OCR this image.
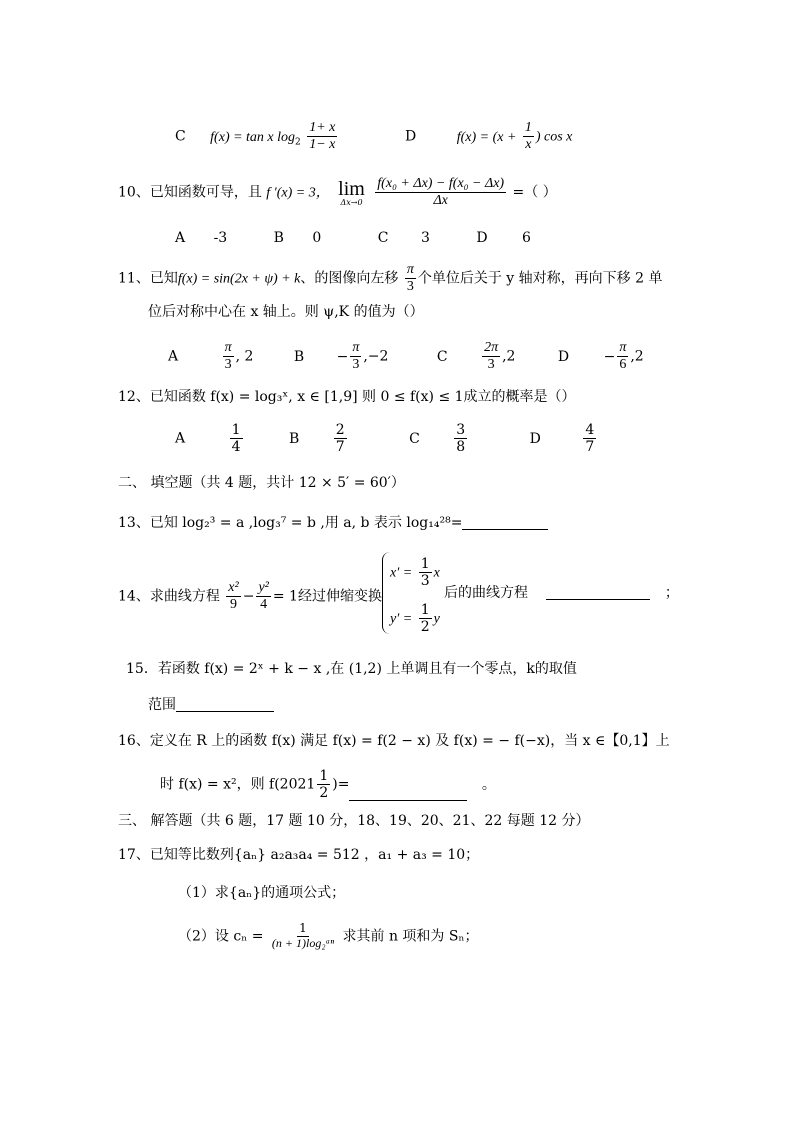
C f(x) = tan x $\log_2 \frac{1+ x}{1- x}$	D	$f(x) = (x + \frac{1}{x}$ ) cos x
10、已知函数可导，且 f ′(x) = 3， lim
Δx→0
$\frac{\text{f(x₀ + Δx) − f(x₀ − Δx)}}{\Delta x}$ =（ ）
A -3	B 0	C 3	D 6
11、已知f(x) = sin(2x + ψ) + k、的图像向左移 $\frac{\pi}{3}$ 个单位后关于 y 轴对称，再向下移 2 单
位后对称中心在 x 轴上。则 ψ,K 的值为（）
A	$\frac{\pi}{3}$ , 2	$B - \frac{\pi}{3} ,-2$	C $\frac{2\pi}{3} ,2$	$D - \frac{\pi}{6} ,2$
12、已知函数 f(x) = log₃ˣ, x ∈ [1,9] 则 0 ≤ f(x) ≤ 1成立的概率是（）
A	$\frac{1}{4}$	B $\frac{2}{7}$	C $\frac{3}{8}$	D	$\frac{4}{7}$
二、 填空题（共 4 题，共计 12 × 5′ = 60′）
13、已知 log₂³ = a ,log₃⁷ = b ,用 a, b 表示 log₁₄²⁸=
14、求曲线方程 $\frac{\text{x²}}{9} - \frac{\text{y²}}{4} = 1$经过伸缩变换
$x' = \frac{1}{3}$ x
$y' = \frac{1}{2}$ y
后的曲线方程	；
15．若函数 f(x) = 2ˣ + k − x ,在 (1,2) 上单调且有一个零点，k的取值
范围
16、定义在 R 上的函数 f(x) 满足 f(x) = f(2 − x) 及 f(x) = − f(−x)，当 x ∈【0,1】上
时 f(x) = x²，则 $f(2021 \frac{1}{2}$ )=	。
三、 解答题（共 6 题，17 题 10 分，18、19、20、21、22 每题 12 分）
17、已知等比数列{aₙ} a₂a₃a₄ = 512 ，a₁ + a₃ = 10；
（1）求{aₙ}的通项公式；
（2）设 $c_n = \frac{1}{\text{(n + 1)log₂ᵃⁿ}}$ 求其前 n 项和为 Sₙ；
